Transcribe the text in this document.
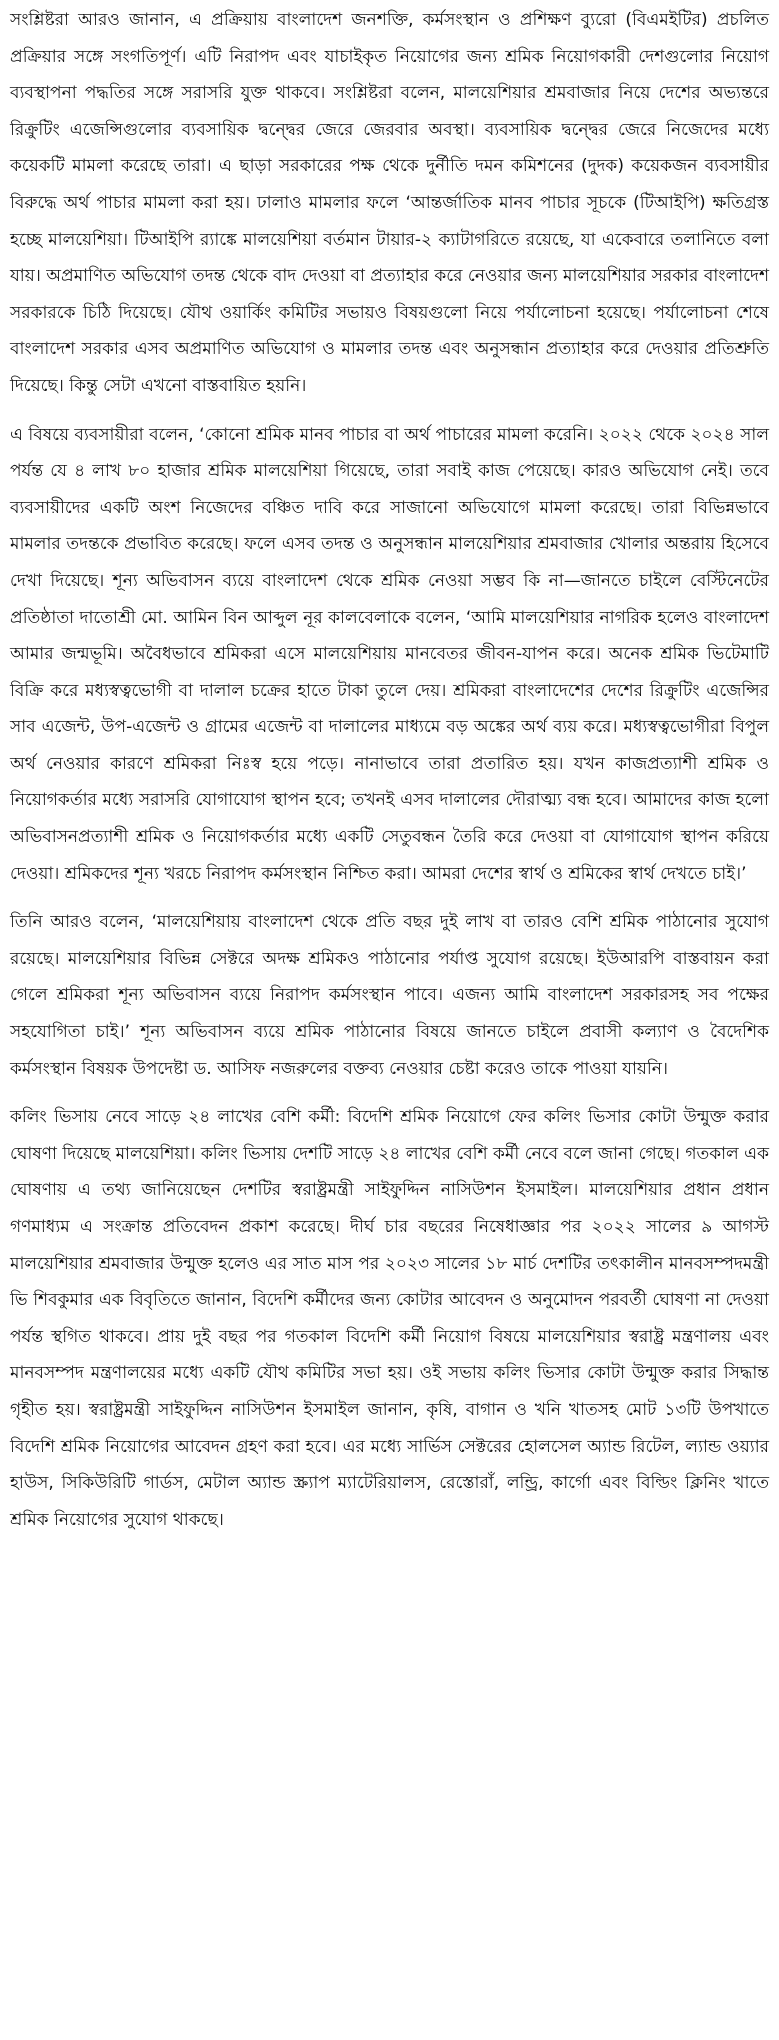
সংশ্লিষ্টরা আরও জানান, এ প্রক্রিয়ায় বাংলাদেশ জনশক্তি, কর্মসংস্থান ও প্রশিক্ষণ ব্যুরো (বিএমইটির) প্রচলিত প্রক্রিয়ার সঙ্গে সংগতিপূর্ণ। এটি নিরাপদ এবং যাচাইকৃত নিয়োগের জন্য শ্রমিক নিয়োগকারী দেশগুলোর নিয়োগ ব্যবস্থাপনা পদ্ধতির সঙ্গে সরাসরি যুক্ত থাকবে। সংশ্লিষ্টরা বলেন, মালয়েশিয়ার শ্রমবাজার নিয়ে দেশের অভ্যন্তরে রিক্রুটিং এজেন্সিগুলোর ব্যবসায়িক দ্বন্দ্বের জেরে জেরবার অবস্থা। ব্যবসায়িক দ্বন্দ্বের জেরে নিজেদের মধ্যে কয়েকটি মামলা করেছে তারা। এ ছাড়া সরকারের পক্ষ থেকে দুর্নীতি দমন কমিশনের (দুদক) কয়েকজন ব্যবসায়ীর বিরুদ্ধে অর্থ পাচার মামলা করা হয়। ঢালাও মামলার ফলে ‘আন্তর্জাতিক মানব পাচার সূচকে (টিআইপি) ক্ষতিগ্রস্ত হচ্ছে মালয়েশিয়া। টিআইপি র‍্যাঙ্কে মালয়েশিয়া বর্তমান টায়ার-২ ক্যাটাগরিতে রয়েছে, যা একেবারে তলানিতে বলা যায়। অপ্রমাণিত অভিযোগ তদন্ত থেকে বাদ দেওয়া বা প্রত্যাহার করে নেওয়ার জন্য মালয়েশিয়ার সরকার বাংলাদেশ সরকারকে চিঠি দিয়েছে। যৌথ ওয়ার্কিং কমিটির সভায়ও বিষয়গুলো নিয়ে পর্যালোচনা হয়েছে। পর্যালোচনা শেষে বাংলাদেশ সরকার এসব অপ্রমাণিত অভিযোগ ও মামলার তদন্ত এবং অনুসন্ধান প্রত্যাহার করে দেওয়ার প্রতিশ্রুতি দিয়েছে। কিন্তু সেটা এখনো বাস্তবায়িত হয়নি।

এ বিষয়ে ব্যবসায়ীরা বলেন, ‘কোনো শ্রমিক মানব পাচার বা অর্থ পাচারের মামলা করেনি। ২০২২ থেকে ২০২৪ সাল পর্যন্ত যে ৪ লাখ ৮০ হাজার শ্রমিক মালয়েশিয়া গিয়েছে, তারা সবাই কাজ পেয়েছে। কারও অভিযোগ নেই। তবে ব্যবসায়ীদের একটি অংশ নিজেদের বঞ্চিত দাবি করে সাজানো অভিযোগে মামলা করেছে। তারা বিভিন্নভাবে মামলার তদন্তকে প্রভাবিত করেছে। ফলে এসব তদন্ত ও অনুসন্ধান মালয়েশিয়ার শ্রমবাজার খোলার অন্তরায় হিসেবে দেখা দিয়েছে। শূন্য অভিবাসন ব্যয়ে বাংলাদেশ থেকে শ্রমিক নেওয়া সম্ভব কি না—জানতে চাইলে বেস্টিনেটের প্রতিষ্ঠাতা দাতোশ্রী মো. আমিন বিন আব্দুল নূর কালবেলাকে বলেন, ‘আমি মালয়েশিয়ার নাগরিক হলেও বাংলাদেশ আমার জন্মভূমি। অবৈধভাবে শ্রমিকরা এসে মালয়েশিয়ায় মানবেতর জীবন-যাপন করে। অনেক শ্রমিক ভিটেমাটি বিক্রি করে মধ্যস্বত্বভোগী বা দালাল চক্রের হাতে টাকা তুলে দেয়। শ্রমিকরা বাংলাদেশের দেশের রিক্রুটিং এজেন্সির সাব এজেন্ট, উপ-এজেন্ট ও গ্রামের এজেন্ট বা দালালের মাধ্যমে বড় অঙ্কের অর্থ ব্যয় করে। মধ্যস্বত্বভোগীরা বিপুল অর্থ নেওয়ার কারণে শ্রমিকরা নিঃস্ব হয়ে পড়ে। নানাভাবে তারা প্রতারিত হয়। যখন কাজপ্রত্যাশী শ্রমিক ও নিয়োগকর্তার মধ্যে সরাসরি যোগাযোগ স্থাপন হবে; তখনই এসব দালালের দৌরাত্ম্য বন্ধ হবে। আমাদের কাজ হলো অভিবাসনপ্রত্যাশী শ্রমিক ও নিয়োগকর্তার মধ্যে একটি সেতুবন্ধন তৈরি করে দেওয়া বা যোগাযোগ স্থাপন করিয়ে দেওয়া। শ্রমিকদের শূন্য খরচে নিরাপদ কর্মসংস্থান নিশ্চিত করা। আমরা দেশের স্বার্থ ও শ্রমিকের স্বার্থ দেখতে চাই।’

তিনি আরও বলেন, ‘মালয়েশিয়ায় বাংলাদেশ থেকে প্রতি বছর দুই লাখ বা তারও বেশি শ্রমিক পাঠানোর সুযোগ রয়েছে। মালয়েশিয়ার বিভিন্ন সেক্টরে অদক্ষ শ্রমিকও পাঠানোর পর্যাপ্ত সুযোগ রয়েছে। ইউআরপি বাস্তবায়ন করা গেলে শ্রমিকরা শূন্য অভিবাসন ব্যয়ে নিরাপদ কর্মসংস্থান পাবে। এজন্য আমি বাংলাদেশ সরকারসহ সব পক্ষের সহযোগিতা চাই।’ শূন্য অভিবাসন ব্যয়ে শ্রমিক পাঠানোর বিষয়ে জানতে চাইলে প্রবাসী কল্যাণ ও বৈদেশিক কর্মসংস্থান বিষয়ক উপদেষ্টা ড. আসিফ নজরুলের বক্তব্য নেওয়ার চেষ্টা করেও তাকে পাওয়া যায়নি।

কলিং ভিসায় নেবে সাড়ে ২৪ লাখের বেশি কর্মী: বিদেশি শ্রমিক নিয়োগে ফের কলিং ভিসার কোটা উন্মুক্ত করার ঘোষণা দিয়েছে মালয়েশিয়া। কলিং ভিসায় দেশটি সাড়ে ২৪ লাখের বেশি কর্মী নেবে বলে জানা গেছে। গতকাল এক ঘোষণায় এ তথ্য জানিয়েছেন দেশটির স্বরাষ্ট্রমন্ত্রী সাইফুদ্দিন নাসিউশন ইসমাইল। মালয়েশিয়ার প্রধান প্রধান গণমাধ্যম এ সংক্রান্ত প্রতিবেদন প্রকাশ করেছে। দীর্ঘ চার বছরের নিষেধাজ্ঞার পর ২০২২ সালের ৯ আগস্ট মালয়েশিয়ার শ্রমবাজার উন্মুক্ত হলেও এর সাত মাস পর ২০২৩ সালের ১৮ মার্চ দেশটির তৎকালীন মানবসম্পদমন্ত্রী ভি শিবকুমার এক বিবৃতিতে জানান, বিদেশি কর্মীদের জন্য কোটার আবেদন ও অনুমোদন পরবর্তী ঘোষণা না দেওয়া পর্যন্ত স্থগিত থাকবে। প্রায় দুই বছর পর গতকাল বিদেশি কর্মী নিয়োগ বিষয়ে মালয়েশিয়ার স্বরাষ্ট্র মন্ত্রণালয় এবং মানবসম্পদ মন্ত্রণালয়ের মধ্যে একটি যৌথ কমিটির সভা হয়। ওই সভায় কলিং ভিসার কোটা উন্মুক্ত করার সিদ্ধান্ত গৃহীত হয়। স্বরাষ্ট্রমন্ত্রী সাইফুদ্দিন নাসিউশন ইসমাইল জানান, কৃষি, বাগান ও খনি খাতসহ মোট ১৩টি উপখাতে বিদেশি শ্রমিক নিয়োগের আবেদন গ্রহণ করা হবে। এর মধ্যে সার্ভিস সেক্টরের হোলসেল অ্যান্ড রিটেল, ল্যান্ড ওয়্যার হাউস, সিকিউরিটি গার্ডস, মেটাল অ্যান্ড স্ক্র্যাপ ম্যাটেরিয়ালস, রেস্তোরাঁ, লন্ড্রি, কার্গো এবং বিল্ডিং ক্লিনিং খাতে শ্রমিক নিয়োগের সুযোগ থাকছে।
